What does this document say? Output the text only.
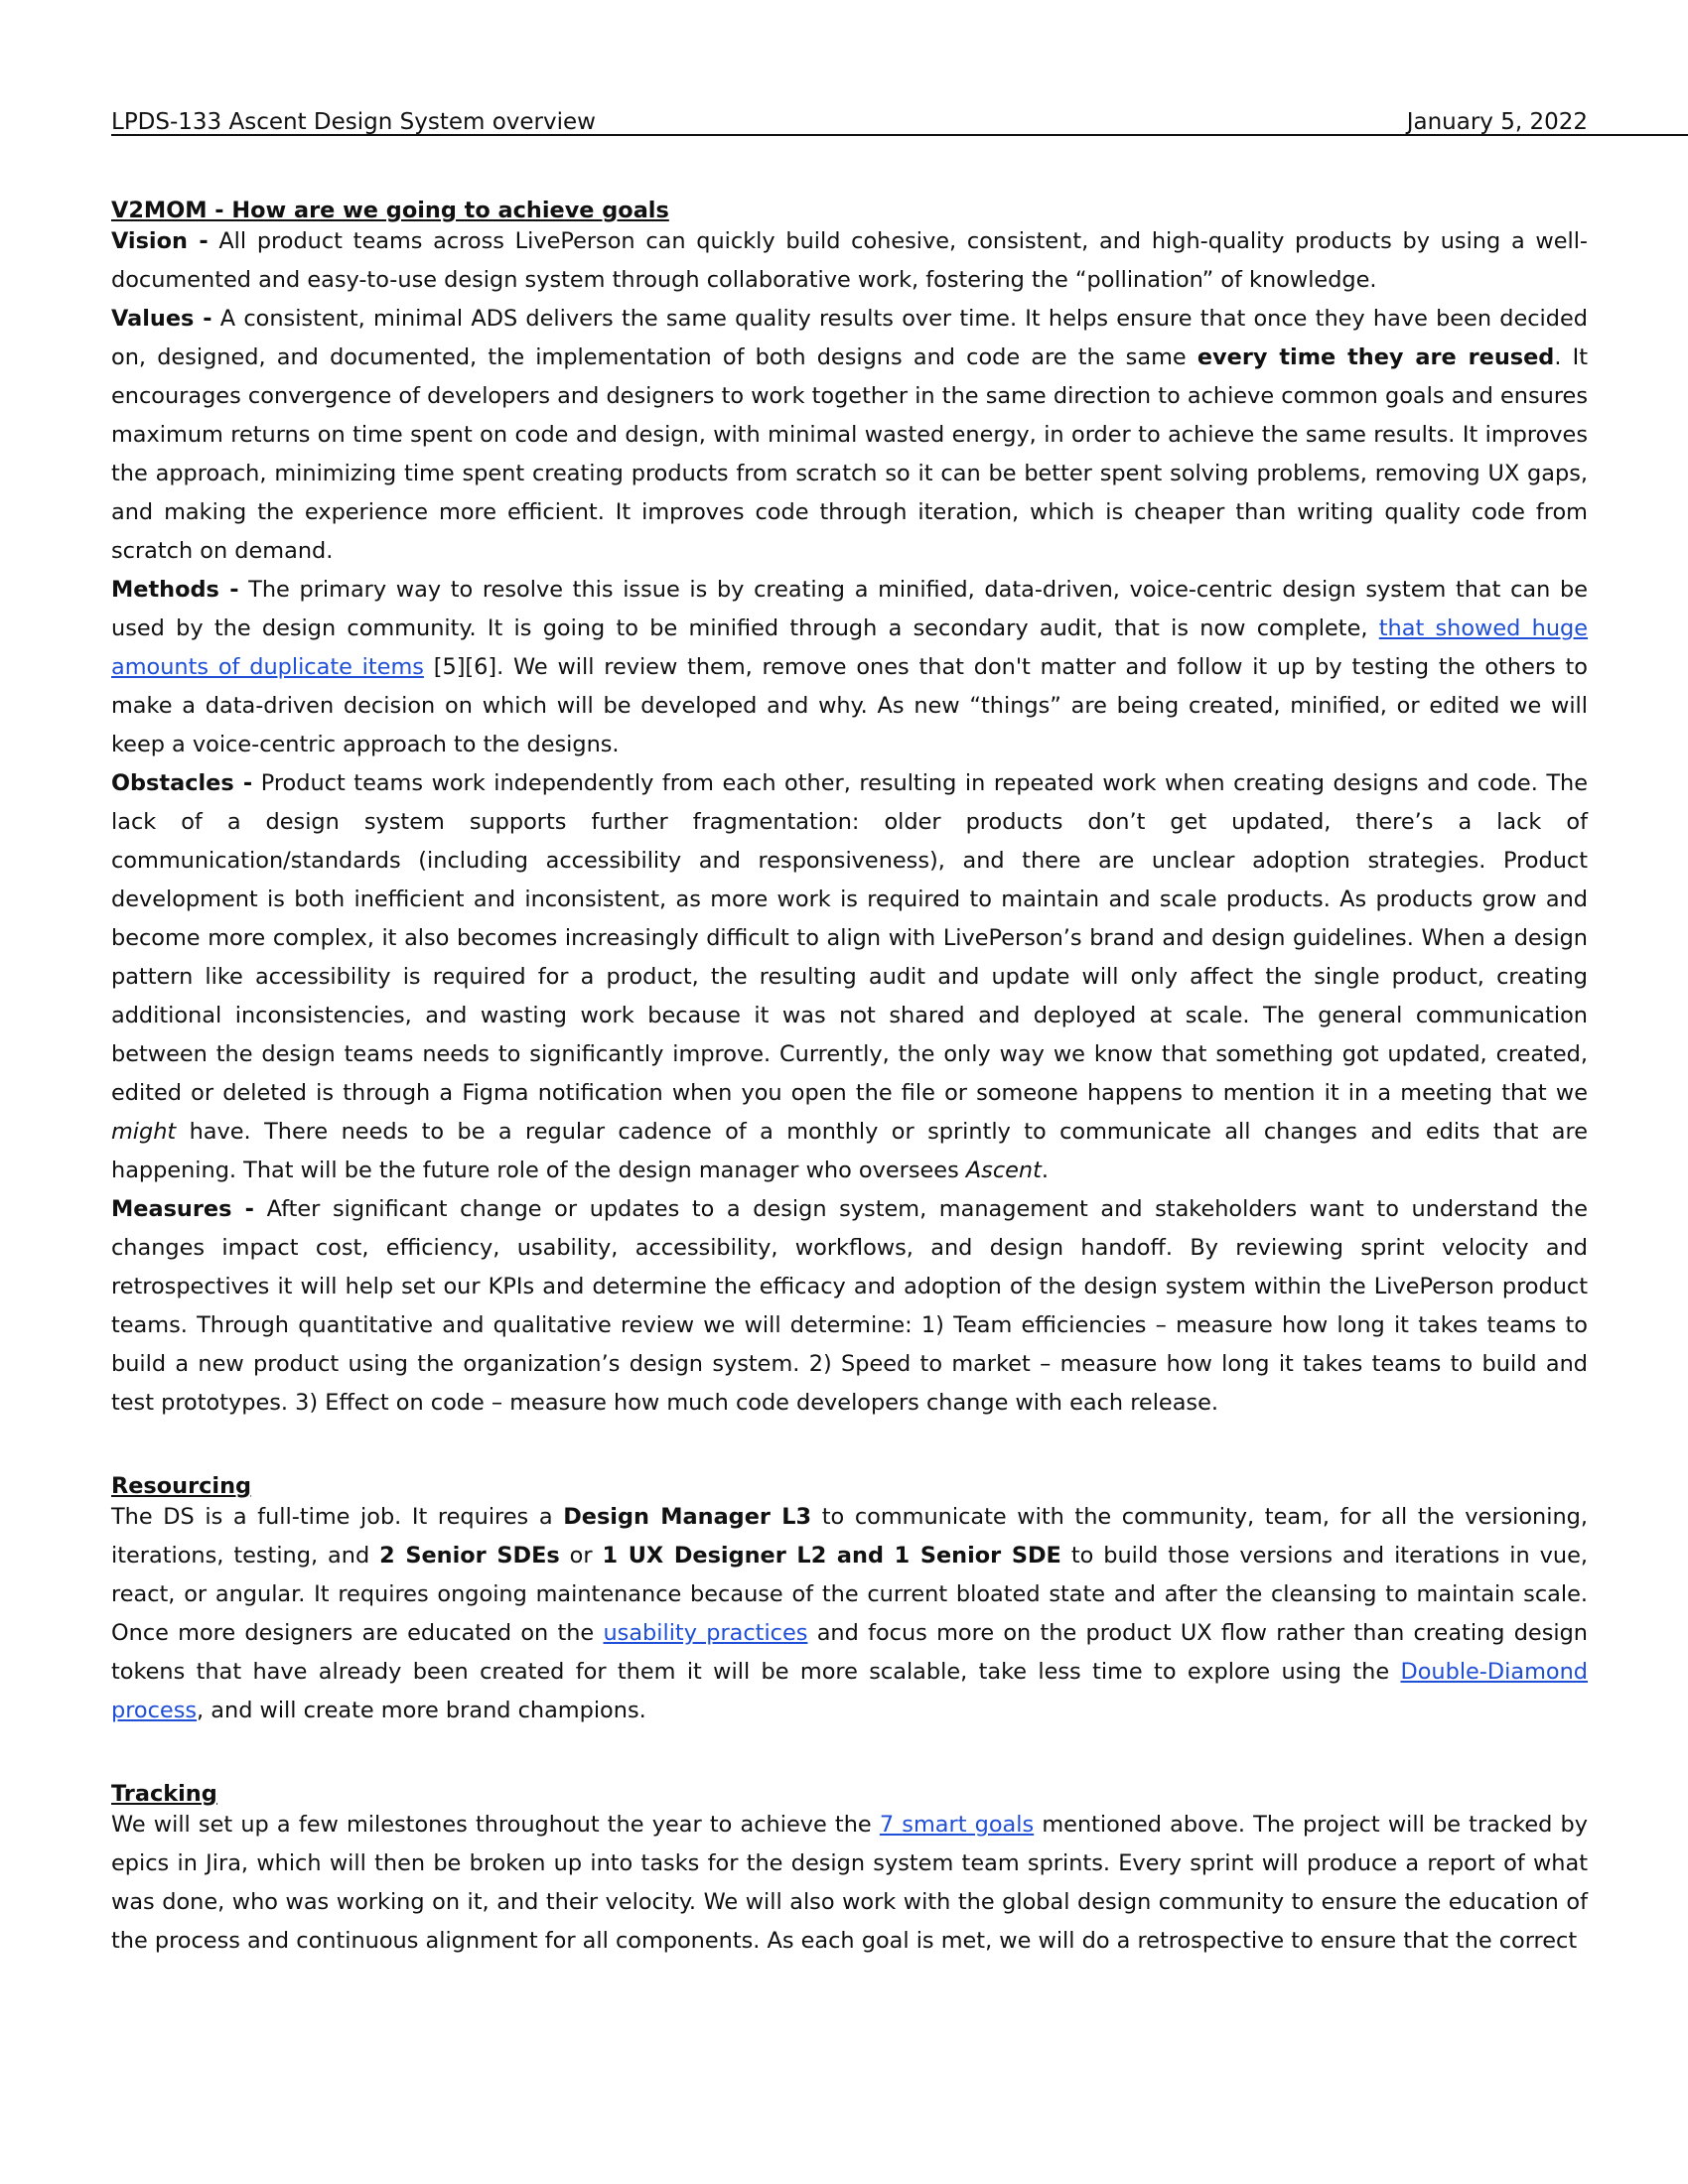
LPDS-133 Ascent Design System overview	January 5, 2022
V2MOM - How are we going to achieve goals

Vision - All product teams across LivePerson can quickly build cohesive, consistent, and high-quality products by using a well-documented and easy-to-use design system through collaborative work, fostering the “pollination” of knowledge.

Values - A consistent, minimal ADS delivers the same quality results over time. It helps ensure that once they have been decided on, designed, and documented, the implementation of both designs and code are the same every time they are reused. It encourages convergence of developers and designers to work together in the same direction to achieve common goals and ensures maximum returns on time spent on code and design, with minimal wasted energy, in order to achieve the same results. It improves the approach, minimizing time spent creating products from scratch so it can be better spent solving problems, removing UX gaps, and making the experience more efficient. It improves code through iteration, which is cheaper than writing quality code from scratch on demand.

Methods - The primary way to resolve this issue is by creating a minified, data-driven, voice-centric design system that can be used by the design community. It is going to be minified through a secondary audit, that is now complete, that showed huge amounts of duplicate items [5][6]. We will review them, remove ones that don't matter and follow it up by testing the others to make a data-driven decision on which will be developed and why. As new “things” are being created, minified, or edited we will keep a voice-centric approach to the designs.

Obstacles - Product teams work independently from each other, resulting in repeated work when creating designs and code. The lack of a design system supports further fragmentation: older products don’t get updated, there’s a lack of communication/standards (including accessibility and responsiveness), and there are unclear adoption strategies. Product development is both inefficient and inconsistent, as more work is required to maintain and scale products. As products grow and become more complex, it also becomes increasingly difficult to align with LivePerson’s brand and design guidelines. When a design pattern like accessibility is required for a product, the resulting audit and update will only affect the single product, creating additional inconsistencies, and wasting work because it was not shared and deployed at scale. The general communication between the design teams needs to significantly improve. Currently, the only way we know that something got updated, created, edited or deleted is through a Figma notification when you open the file or someone happens to mention it in a meeting that we might have. There needs to be a regular cadence of a monthly or sprintly to communicate all changes and edits that are happening. That will be the future role of the design manager who oversees Ascent.

Measures - After significant change or updates to a design system, management and stakeholders want to understand the changes impact cost, efficiency, usability, accessibility, workflows, and design handoff. By reviewing sprint velocity and retrospectives it will help set our KPIs and determine the efficacy and adoption of the design system within the LivePerson product teams. Through quantitative and qualitative review we will determine: 1) Team efficiencies – measure how long it takes teams to build a new product using the organization’s design system. 2) Speed to market – measure how long it takes teams to build and test prototypes. 3) Effect on code – measure how much code developers change with each release.

Resourcing

The DS is a full-time job. It requires a Design Manager L3 to communicate with the community, team, for all the versioning, iterations, testing, and 2 Senior SDEs or 1 UX Designer L2 and 1 Senior SDE to build those versions and iterations in vue, react, or angular. It requires ongoing maintenance because of the current bloated state and after the cleansing to maintain scale. Once more designers are educated on the usability practices and focus more on the product UX flow rather than creating design tokens that have already been created for them it will be more scalable, take less time to explore using the Double-Diamond process, and will create more brand champions.

Tracking

We will set up a few milestones throughout the year to achieve the 7 smart goals mentioned above. The project will be tracked by epics in Jira, which will then be broken up into tasks for the design system team sprints. Every sprint will produce a report of what was done, who was working on it, and their velocity. We will also work with the global design community to ensure the education of the process and continuous alignment for all components. As each goal is met, we will do a retrospective to ensure that the correct
